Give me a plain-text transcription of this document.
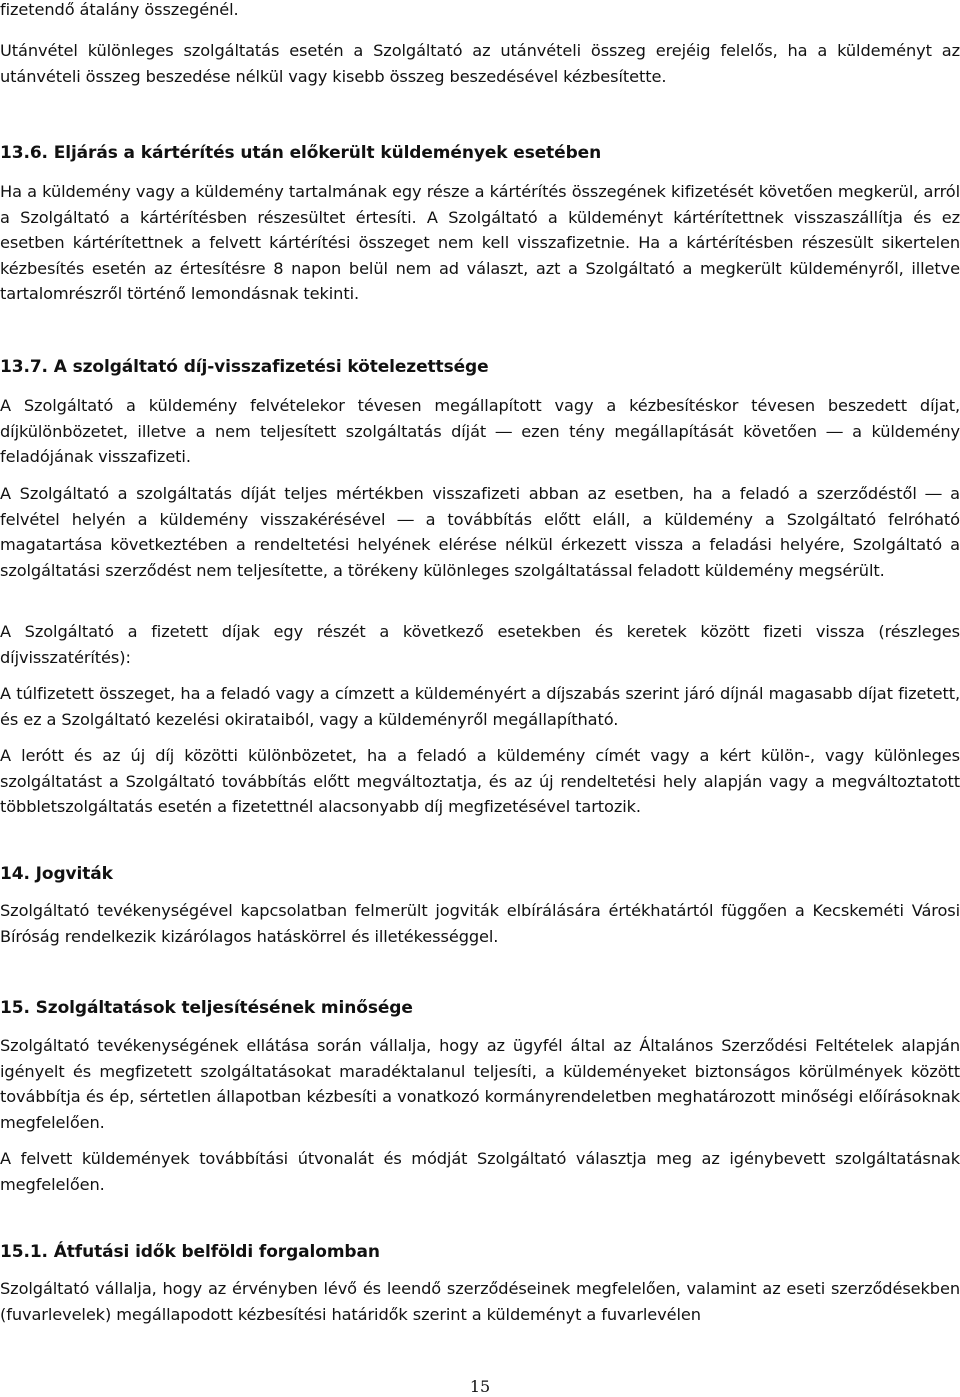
fizetendő átalány összegénél.

Utánvétel különleges szolgáltatás esetén a Szolgáltató az utánvételi összeg erejéig felelős, ha a küldeményt az utánvételi összeg beszedése nélkül vagy kisebb összeg beszedésével kézbesítette.

13.6. Eljárás a kártérítés után előkerült küldemények esetében

Ha a küldemény vagy a küldemény tartalmának egy része a kártérítés összegének kifizetését követően megkerül, arról a Szolgáltató a kártérítésben részesültet értesíti. A Szolgáltató a küldeményt kártérítettnek visszaszállítja és ez esetben kártérítettnek a felvett kártérítési összeget nem kell visszafizetnie. Ha a kártérítésben részesült sikertelen kézbesítés esetén az értesítésre 8 napon belül nem ad választ, azt a Szolgáltató a megkerült küldeményről, illetve tartalomrészről történő lemondásnak tekinti.

13.7. A szolgáltató díj-visszafizetési kötelezettsége

A Szolgáltató a küldemény felvételekor tévesen megállapított vagy a kézbesítéskor tévesen beszedett díjat, díjkülönbözetet, illetve a nem teljesített szolgáltatás díját ― ezen tény megállapítását követően ― a küldemény feladójának visszafizeti.

A Szolgáltató a szolgáltatás díját teljes mértékben visszafizeti abban az esetben, ha a feladó a szerződéstől ― a felvétel helyén a küldemény visszakérésével ― a továbbítás előtt eláll, a küldemény a Szolgáltató felróható magatartása következtében a rendeltetési helyének elérése nélkül érkezett vissza a feladási helyére, Szolgáltató a szolgáltatási szerződést nem teljesítette, a törékeny különleges szolgáltatással feladott küldemény megsérült.

A Szolgáltató a fizetett díjak egy részét a következő esetekben és keretek között fizeti vissza (részleges díjvisszatérítés):

A túlfizetett összeget, ha a feladó vagy a címzett a küldeményért a díjszabás szerint járó díjnál magasabb díjat fizetett, és ez a Szolgáltató kezelési okirataiból, vagy a küldeményről megállapítható.

A lerótt és az új díj közötti különbözetet, ha a feladó a küldemény címét vagy a kért külön-, vagy különleges szolgáltatást a Szolgáltató továbbítás előtt megváltoztatja, és az új rendeltetési hely alapján vagy a megváltoztatott többletszolgáltatás esetén a fizetettnél alacsonyabb díj megfizetésével tartozik.

14. Jogviták

Szolgáltató tevékenységével kapcsolatban felmerült jogviták elbírálására értékhatártól függően a Kecskeméti Városi Bíróság rendelkezik kizárólagos hatáskörrel és illetékességgel.

15. Szolgáltatások teljesítésének minősége

Szolgáltató tevékenységének ellátása során vállalja, hogy az ügyfél által az Általános Szerződési Feltételek alapján igényelt és megfizetett szolgáltatásokat maradéktalanul teljesíti, a küldeményeket biztonságos körülmények között továbbítja és ép, sértetlen állapotban kézbesíti a vonatkozó kormányrendeletben meghatározott minőségi előírásoknak megfelelően.

A felvett küldemények továbbítási útvonalát és módját Szolgáltató választja meg az igénybevett szolgáltatásnak megfelelően.

15.1. Átfutási idők belföldi forgalomban

Szolgáltató vállalja, hogy az érvényben lévő és leendő szerződéseinek megfelelően, valamint az eseti szerződésekben (fuvarlevelek) megállapodott kézbesítési határidők szerint a küldeményt a fuvarlevélen

15
